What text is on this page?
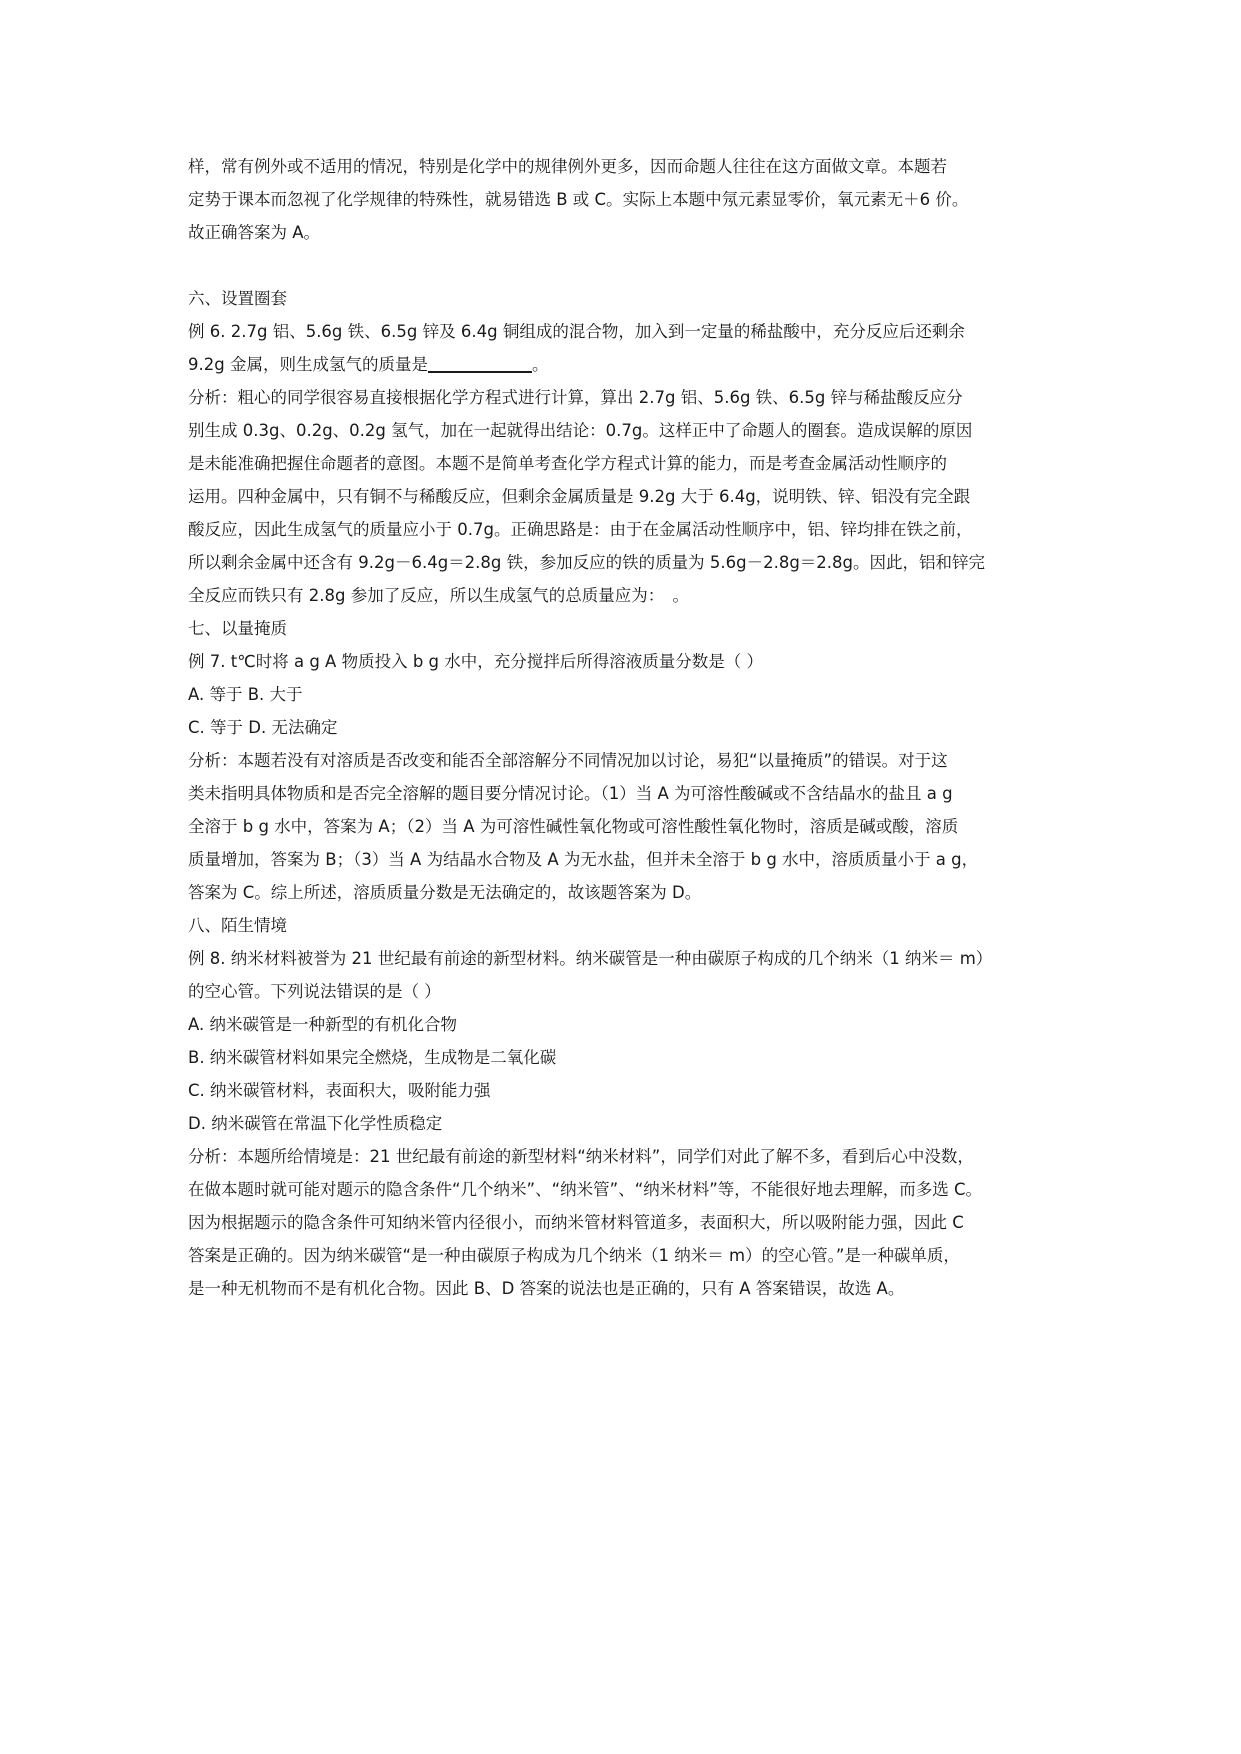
样，常有例外或不适用的情况，特别是化学中的规律例外更多，因而命题人往往在这方面做文章。本题若
定势于课本而忽视了化学规律的特殊性，就易错选 B 或 C。实际上本题中氖元素显零价，氧元素无＋6 价。
故正确答案为 A。
六、设置圈套
例 6. 2.7g 铝、5.6g 铁、6.5g 锌及 6.4g 铜组成的混合物，加入到一定量的稀盐酸中，充分反应后还剩余
9.2g 金属，则生成氢气的质量是	。
分析：粗心的同学很容易直接根据化学方程式进行计算，算出 2.7g 铝、5.6g 铁、6.5g 锌与稀盐酸反应分
别生成 0.3g、0.2g、0.2g 氢气，加在一起就得出结论：0.7g。这样正中了命题人的圈套。造成误解的原因
是未能准确把握住命题者的意图。本题不是简单考查化学方程式计算的能力，而是考查金属活动性顺序的
运用。四种金属中，只有铜不与稀酸反应，但剩余金属质量是 9.2g 大于 6.4g，说明铁、锌、铝没有完全跟
酸反应，因此生成氢气的质量应小于 0.7g。正确思路是：由于在金属活动性顺序中，铝、锌均排在铁之前，
所以剩余金属中还含有 9.2g－6.4g＝2.8g 铁，参加反应的铁的质量为 5.6g－2.8g＝2.8g。因此，铝和锌完
全反应而铁只有 2.8g 参加了反应，所以生成氢气的总质量应为：　。
七、以量掩质
例 7. t℃时将 a g A 物质投入 b g 水中，充分搅拌后所得溶液质量分数是（ ）
A. 等于 B. 大于
C. 等于 D. 无法确定
分析：本题若没有对溶质是否改变和能否全部溶解分不同情况加以讨论，易犯“以量掩质”的错误。对于这
类未指明具体物质和是否完全溶解的题目要分情况讨论。（1）当 A 为可溶性酸碱或不含结晶水的盐且 a g
全溶于 b g 水中，答案为 A；（2）当 A 为可溶性碱性氧化物或可溶性酸性氧化物时，溶质是碱或酸，溶质
质量增加，答案为 B；（3）当 A 为结晶水合物及 A 为无水盐，但并未全溶于 b g 水中，溶质质量小于 a g，
答案为 C。综上所述，溶质质量分数是无法确定的，故该题答案为 D。
八、陌生情境
例 8. 纳米材料被誉为 21 世纪最有前途的新型材料。纳米碳管是一种由碳原子构成的几个纳米（1 纳米＝ m）
的空心管。下列说法错误的是（ ）
A. 纳米碳管是一种新型的有机化合物
B. 纳米碳管材料如果完全燃烧，生成物是二氧化碳
C. 纳米碳管材料，表面积大，吸附能力强
D. 纳米碳管在常温下化学性质稳定
分析：本题所给情境是：21 世纪最有前途的新型材料“纳米材料”，同学们对此了解不多，看到后心中没数，
在做本题时就可能对题示的隐含条件“几个纳米”、“纳米管”、“纳米材料”等，不能很好地去理解，而多选 C。
因为根据题示的隐含条件可知纳米管内径很小，而纳米管材料管道多，表面积大，所以吸附能力强，因此 C
答案是正确的。因为纳米碳管“是一种由碳原子构成为几个纳米（1 纳米＝ m）的空心管。”是一种碳单质，
是一种无机物而不是有机化合物。因此 B、D 答案的说法也是正确的，只有 A 答案错误，故选 A。
